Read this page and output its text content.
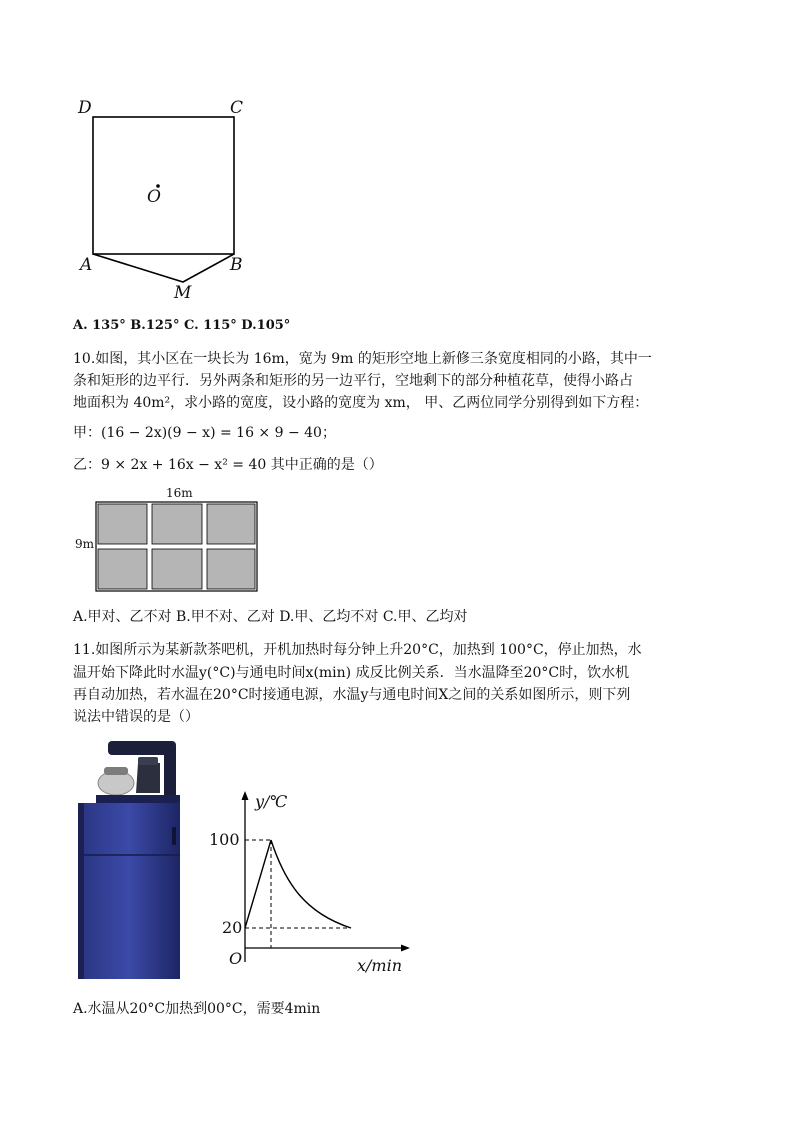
D	C
O
A	B
M
A. 135° B.125° C. 115° D.105°
10.如图，其小区在一块长为 16m，宽为 9m 的矩形空地上新修三条宽度相同的小路，其中一
条和矩形的边平行．另外两条和矩形的另一边平行，空地剩下的部分种植花草，使得小路占
地面积为 40m²，求小路的宽度，设小路的宽度为 xm， 甲、乙两位同学分别得到如下方程：
甲：(16 − 2x)(9 − x) = 16 × 9 − 40；
乙：9 × 2x + 16x − x² = 40 其中正确的是（）
16m
9m
A.甲对、乙不对 B.甲不对、乙对 D.甲、乙均不对 C.甲、乙均对
11.如图所示为某新款茶吧机，开机加热时每分钟上升20°C，加热到 100°C，停止加热，水
温开始下降此时水温y(°C)与通电时间x(min) 成反比例关系．当水温降至20°C时，饮水机
再自动加热，若水温在20°C时接通电源，水温y与通电时间X之间的关系如图所示，则下列
说法中错误的是（）
y/℃
100
20
O	x/min
A.水温从20°C加热到00°C，需要4min
